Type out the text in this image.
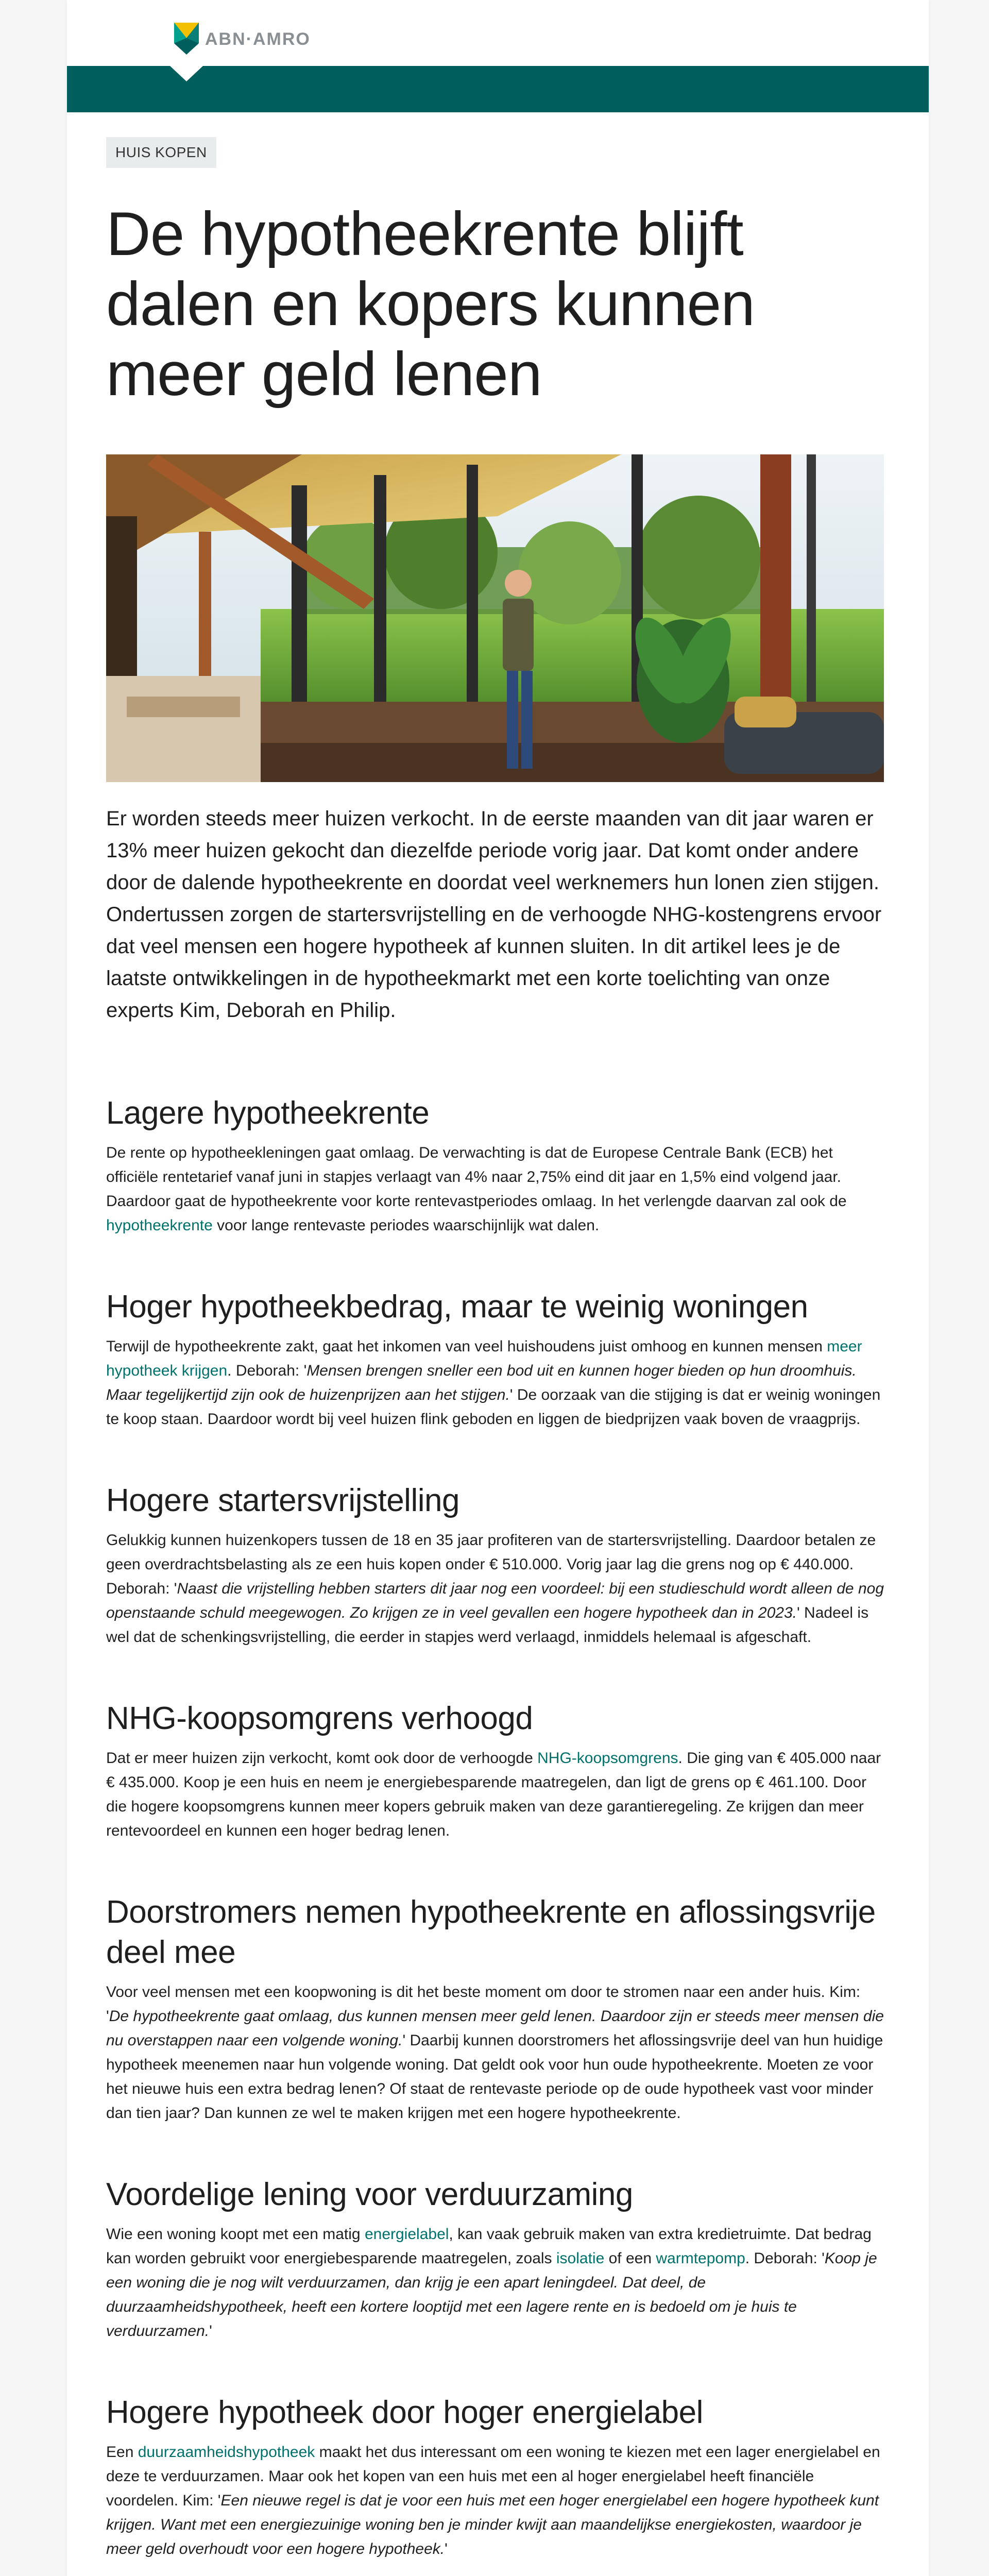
ABN·AMRO
HUIS KOPEN
De hypotheekrente blijft dalen en kopers kunnen meer geld lenen

Er worden steeds meer huizen verkocht. In de eerste maanden van dit jaar waren er 13% meer huizen gekocht dan diezelfde periode vorig jaar. Dat komt onder andere door de dalende hypotheekrente en doordat veel werknemers hun lonen zien stijgen. Ondertussen zorgen de startersvrijstelling en de verhoogde NHG-kostengrens ervoor dat veel mensen een hogere hypotheek af kunnen sluiten. In dit artikel lees je de laatste ontwikkelingen in de hypotheekmarkt met een korte toelichting van onze experts Kim, Deborah en Philip.

Lagere hypotheekrente

De rente op hypotheekleningen gaat omlaag. De verwachting is dat de Europese Centrale Bank (ECB) het officiële rentetarief vanaf juni in stapjes verlaagt van 4% naar 2,75% eind dit jaar en 1,5% eind volgend jaar. Daardoor gaat de hypotheekrente voor korte rentevastperiodes omlaag. In het verlengde daarvan zal ook de hypotheekrente voor lange rentevaste periodes waarschijnlijk wat dalen.

Hoger hypotheekbedrag, maar te weinig woningen

Terwijl de hypotheekrente zakt, gaat het inkomen van veel huishoudens juist omhoog en kunnen mensen meer hypotheek krijgen. Deborah: 'Mensen brengen sneller een bod uit en kunnen hoger bieden op hun droomhuis. Maar tegelijkertijd zijn ook de huizenprijzen aan het stijgen.' De oorzaak van die stijging is dat er weinig woningen te koop staan. Daardoor wordt bij veel huizen flink geboden en liggen de biedprijzen vaak boven de vraagprijs.

Hogere startersvrijstelling

Gelukkig kunnen huizenkopers tussen de 18 en 35 jaar profiteren van de startersvrijstelling. Daardoor betalen ze geen overdrachtsbelasting als ze een huis kopen onder € 510.000. Vorig jaar lag die grens nog op € 440.000. Deborah: 'Naast die vrijstelling hebben starters dit jaar nog een voordeel: bij een studieschuld wordt alleen de nog openstaande schuld meegewogen. Zo krijgen ze in veel gevallen een hogere hypotheek dan in 2023.' Nadeel is wel dat de schenkingsvrijstelling, die eerder in stapjes werd verlaagd, inmiddels helemaal is afgeschaft.

NHG-koopsomgrens verhoogd

Dat er meer huizen zijn verkocht, komt ook door de verhoogde NHG-koopsomgrens. Die ging van € 405.000 naar € 435.000. Koop je een huis en neem je energiebesparende maatregelen, dan ligt de grens op € 461.100. Door die hogere koopsomgrens kunnen meer kopers gebruik maken van deze garantieregeling. Ze krijgen dan meer rentevoordeel en kunnen een hoger bedrag lenen.

Doorstromers nemen hypotheekrente en aflossingsvrije deel mee

Voor veel mensen met een koopwoning is dit het beste moment om door te stromen naar een ander huis. Kim: 'De hypotheekrente gaat omlaag, dus kunnen mensen meer geld lenen. Daardoor zijn er steeds meer mensen die nu overstappen naar een volgende woning.' Daarbij kunnen doorstromers het aflossingsvrije deel van hun huidige hypotheek meenemen naar hun volgende woning. Dat geldt ook voor hun oude hypotheekrente. Moeten ze voor het nieuwe huis een extra bedrag lenen? Of staat de rentevaste periode op de oude hypotheek vast voor minder dan tien jaar? Dan kunnen ze wel te maken krijgen met een hogere hypotheekrente.

Voordelige lening voor verduurzaming

Wie een woning koopt met een matig energielabel, kan vaak gebruik maken van extra kredietruimte. Dat bedrag kan worden gebruikt voor energiebesparende maatregelen, zoals isolatie of een warmtepomp. Deborah: 'Koop je een woning die je nog wilt verduurzamen, dan krijg je een apart leningdeel. Dat deel, de duurzaamheidshypotheek, heeft een kortere looptijd met een lagere rente en is bedoeld om je huis te verduurzamen.'

Hogere hypotheek door hoger energielabel

Een duurzaamheidshypotheek maakt het dus interessant om een woning te kiezen met een lager energielabel en deze te verduurzamen. Maar ook het kopen van een huis met een al hoger energielabel heeft financiële voordelen. Kim: 'Een nieuwe regel is dat je voor een huis met een hoger energielabel een hogere hypotheek kunt krijgen. Want met een energiezuinige woning ben je minder kwijt aan maandelijkse energiekosten, waardoor je meer geld overhoudt voor een hogere hypotheek.'
